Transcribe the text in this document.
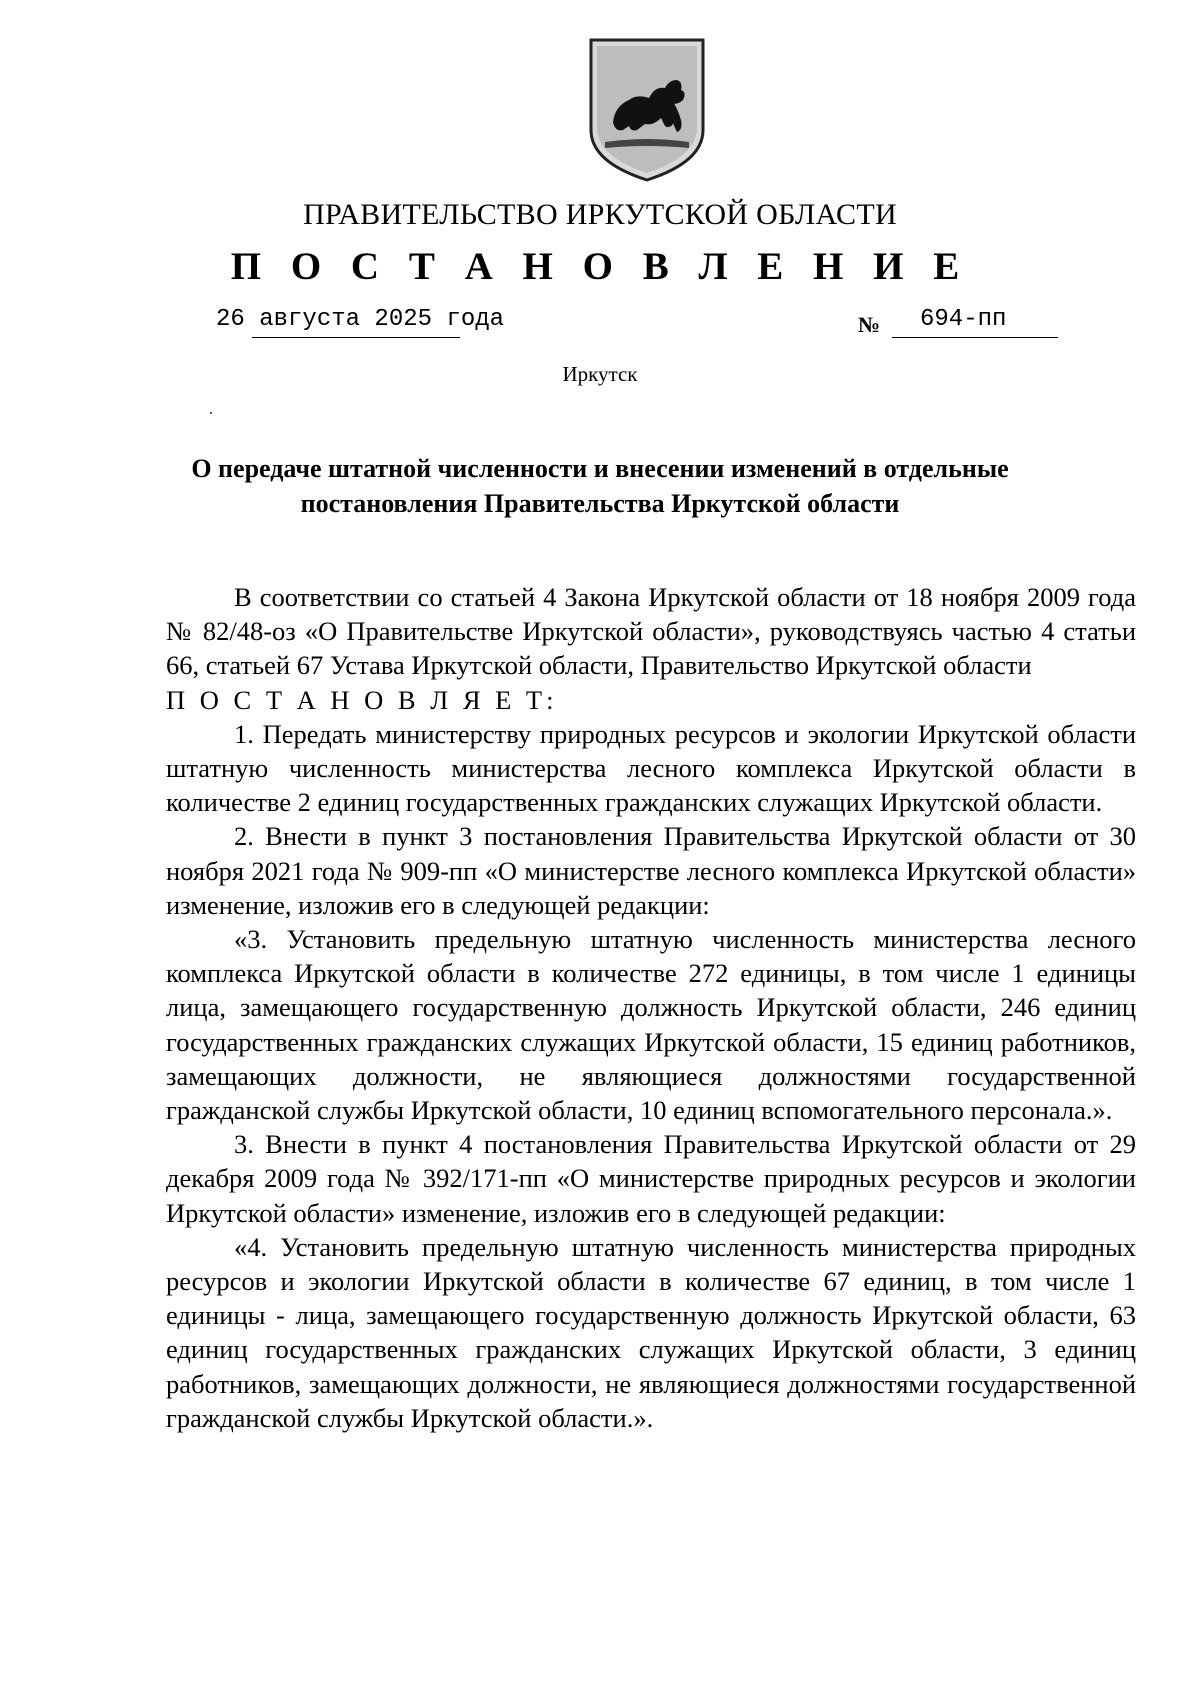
ПРАВИТЕЛЬСТВО ИРКУТСКОЙ ОБЛАСТИ
П О С Т А Н О В Л Е Н И Е
26 августа 2025 года	№ 694-пп
Иркутск
О передаче штатной численности и внесении изменений в отдельные
постановления Правительства Иркутской области

В соответствии со статьей 4 Закона Иркутской области от 18 ноября 2009 года № 82/48-оз «О Правительстве Иркутской области», руководствуясь частью 4 статьи 66, статьей 67 Устава Иркутской области, Правительство Иркутской области

П О С Т А Н О В Л Я Е Т:

1. Передать министерству природных ресурсов и экологии Иркутской области штатную численность министерства лесного комплекса Иркутской области в количестве 2 единиц государственных гражданских служащих Иркутской области.

2. Внести в пункт 3 постановления Правительства Иркутской области от 30 ноября 2021 года № 909-пп «О министерстве лесного комплекса Иркутской области» изменение, изложив его в следующей редакции:

«3. Установить предельную штатную численность министерства лесного комплекса Иркутской области в количестве 272 единицы, в том числе 1 единицы лица, замещающего государственную должность Иркутской области, 246 единиц государственных гражданских служащих Иркутской области, 15 единиц работников, замещающих должности, не являющиеся должностями государственной гражданской службы Иркутской области, 10 единиц вспомогательного персонала.».

3. Внести в пункт 4 постановления Правительства Иркутской области от 29 декабря 2009 года № 392/171-пп «О министерстве природных ресурсов и экологии Иркутской области» изменение, изложив его в следующей редакции:

«4. Установить предельную штатную численность министерства природных ресурсов и экологии Иркутской области в количестве 67 единиц, в том числе 1 единицы - лица, замещающего государственную должность Иркутской области, 63 единиц государственных гражданских служащих Иркутской области, 3 единиц работников, замещающих должности, не являющиеся должностями государственной гражданской службы Иркутской области.».
